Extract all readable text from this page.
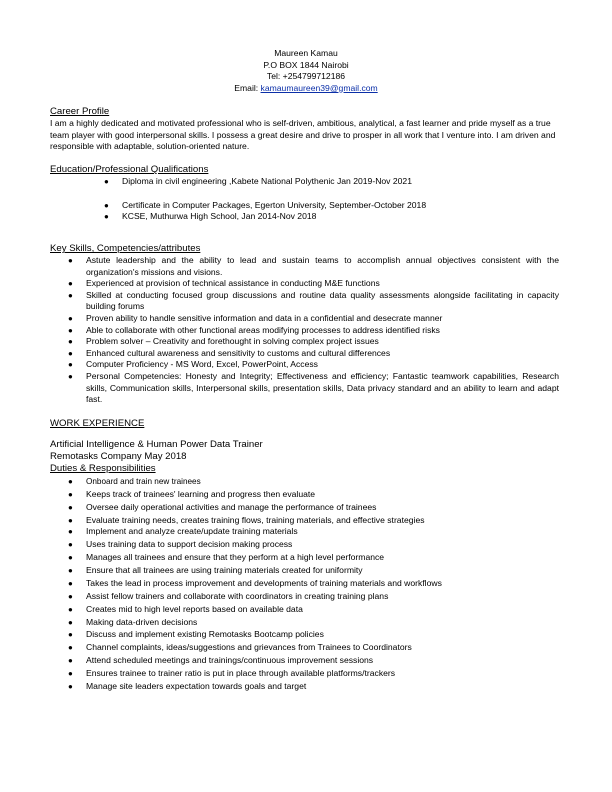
Maureen Kamau
P.O BOX 1844 Nairobi
Tel: +254799712186
Email: kamaumaureen39@gmail.com
Career Profile

I am a highly dedicated and motivated professional who is self-driven, ambitious, analytical, a fast learner and pride myself as a true team player with good interpersonal skills. I possess a great desire and drive to prosper in all work that I venture into. I am driven and responsible with adaptable, solution-oriented nature.

Education/Professional Qualifications
● Diploma in civil engineering ,Kabete National Polythenic Jan 2019-Nov 2021
● Certificate in Computer Packages, Egerton University, September-October 2018
● KCSE, Muthurwa High School, Jan 2014-Nov 2018
Key Skills, Competencies/attributes
● Astute leadership and the ability to lead and sustain teams to accomplish annual objectives consistent with the organization's missions and visions.
● Experienced at provision of technical assistance in conducting M&E functions
● Skilled at conducting focused group discussions and routine data quality assessments alongside facilitating in capacity building forums
● Proven ability to handle sensitive information and data in a confidential and desecrate manner
● Able to collaborate with other functional areas modifying processes to address identified risks
● Problem solver – Creativity and forethought in solving complex project issues
● Enhanced cultural awareness and sensitivity to customs and cultural differences
● Computer Proficiency - MS Word, Excel, PowerPoint, Access
● Personal Competencies: Honesty and Integrity; Effectiveness and efficiency; Fantastic teamwork capabilities, Research skills, Communication skills, Interpersonal skills, presentation skills, Data privacy standard and an ability to learn and adapt fast.
WORK EXPERIENCE
Artificial Intelligence & Human Power Data Trainer
Remotasks Company May 2018
Duties & Responsibilities
● Onboard and train new trainees
● Keeps track of trainees' learning and progress then evaluate
● Oversee daily operational activities and manage the performance of trainees
● Evaluate training needs, creates training flows, training materials, and effective strategies
● Implement and analyze create/update training materials
● Uses training data to support decision making process
● Manages all trainees and ensure that they perform at a high level performance
● Ensure that all trainees are using training materials created for uniformity
● Takes the lead in process improvement and developments of training materials and workflows
● Assist fellow trainers and collaborate with coordinators in creating training plans
● Creates mid to high level reports based on available data
● Making data-driven decisions
● Discuss and implement existing Remotasks Bootcamp policies
● Channel complaints, ideas/suggestions and grievances from Trainees to Coordinators
● Attend scheduled meetings and trainings/continuous improvement sessions
● Ensures trainee to trainer ratio is put in place through available platforms/trackers
● Manage site leaders expectation towards goals and target
